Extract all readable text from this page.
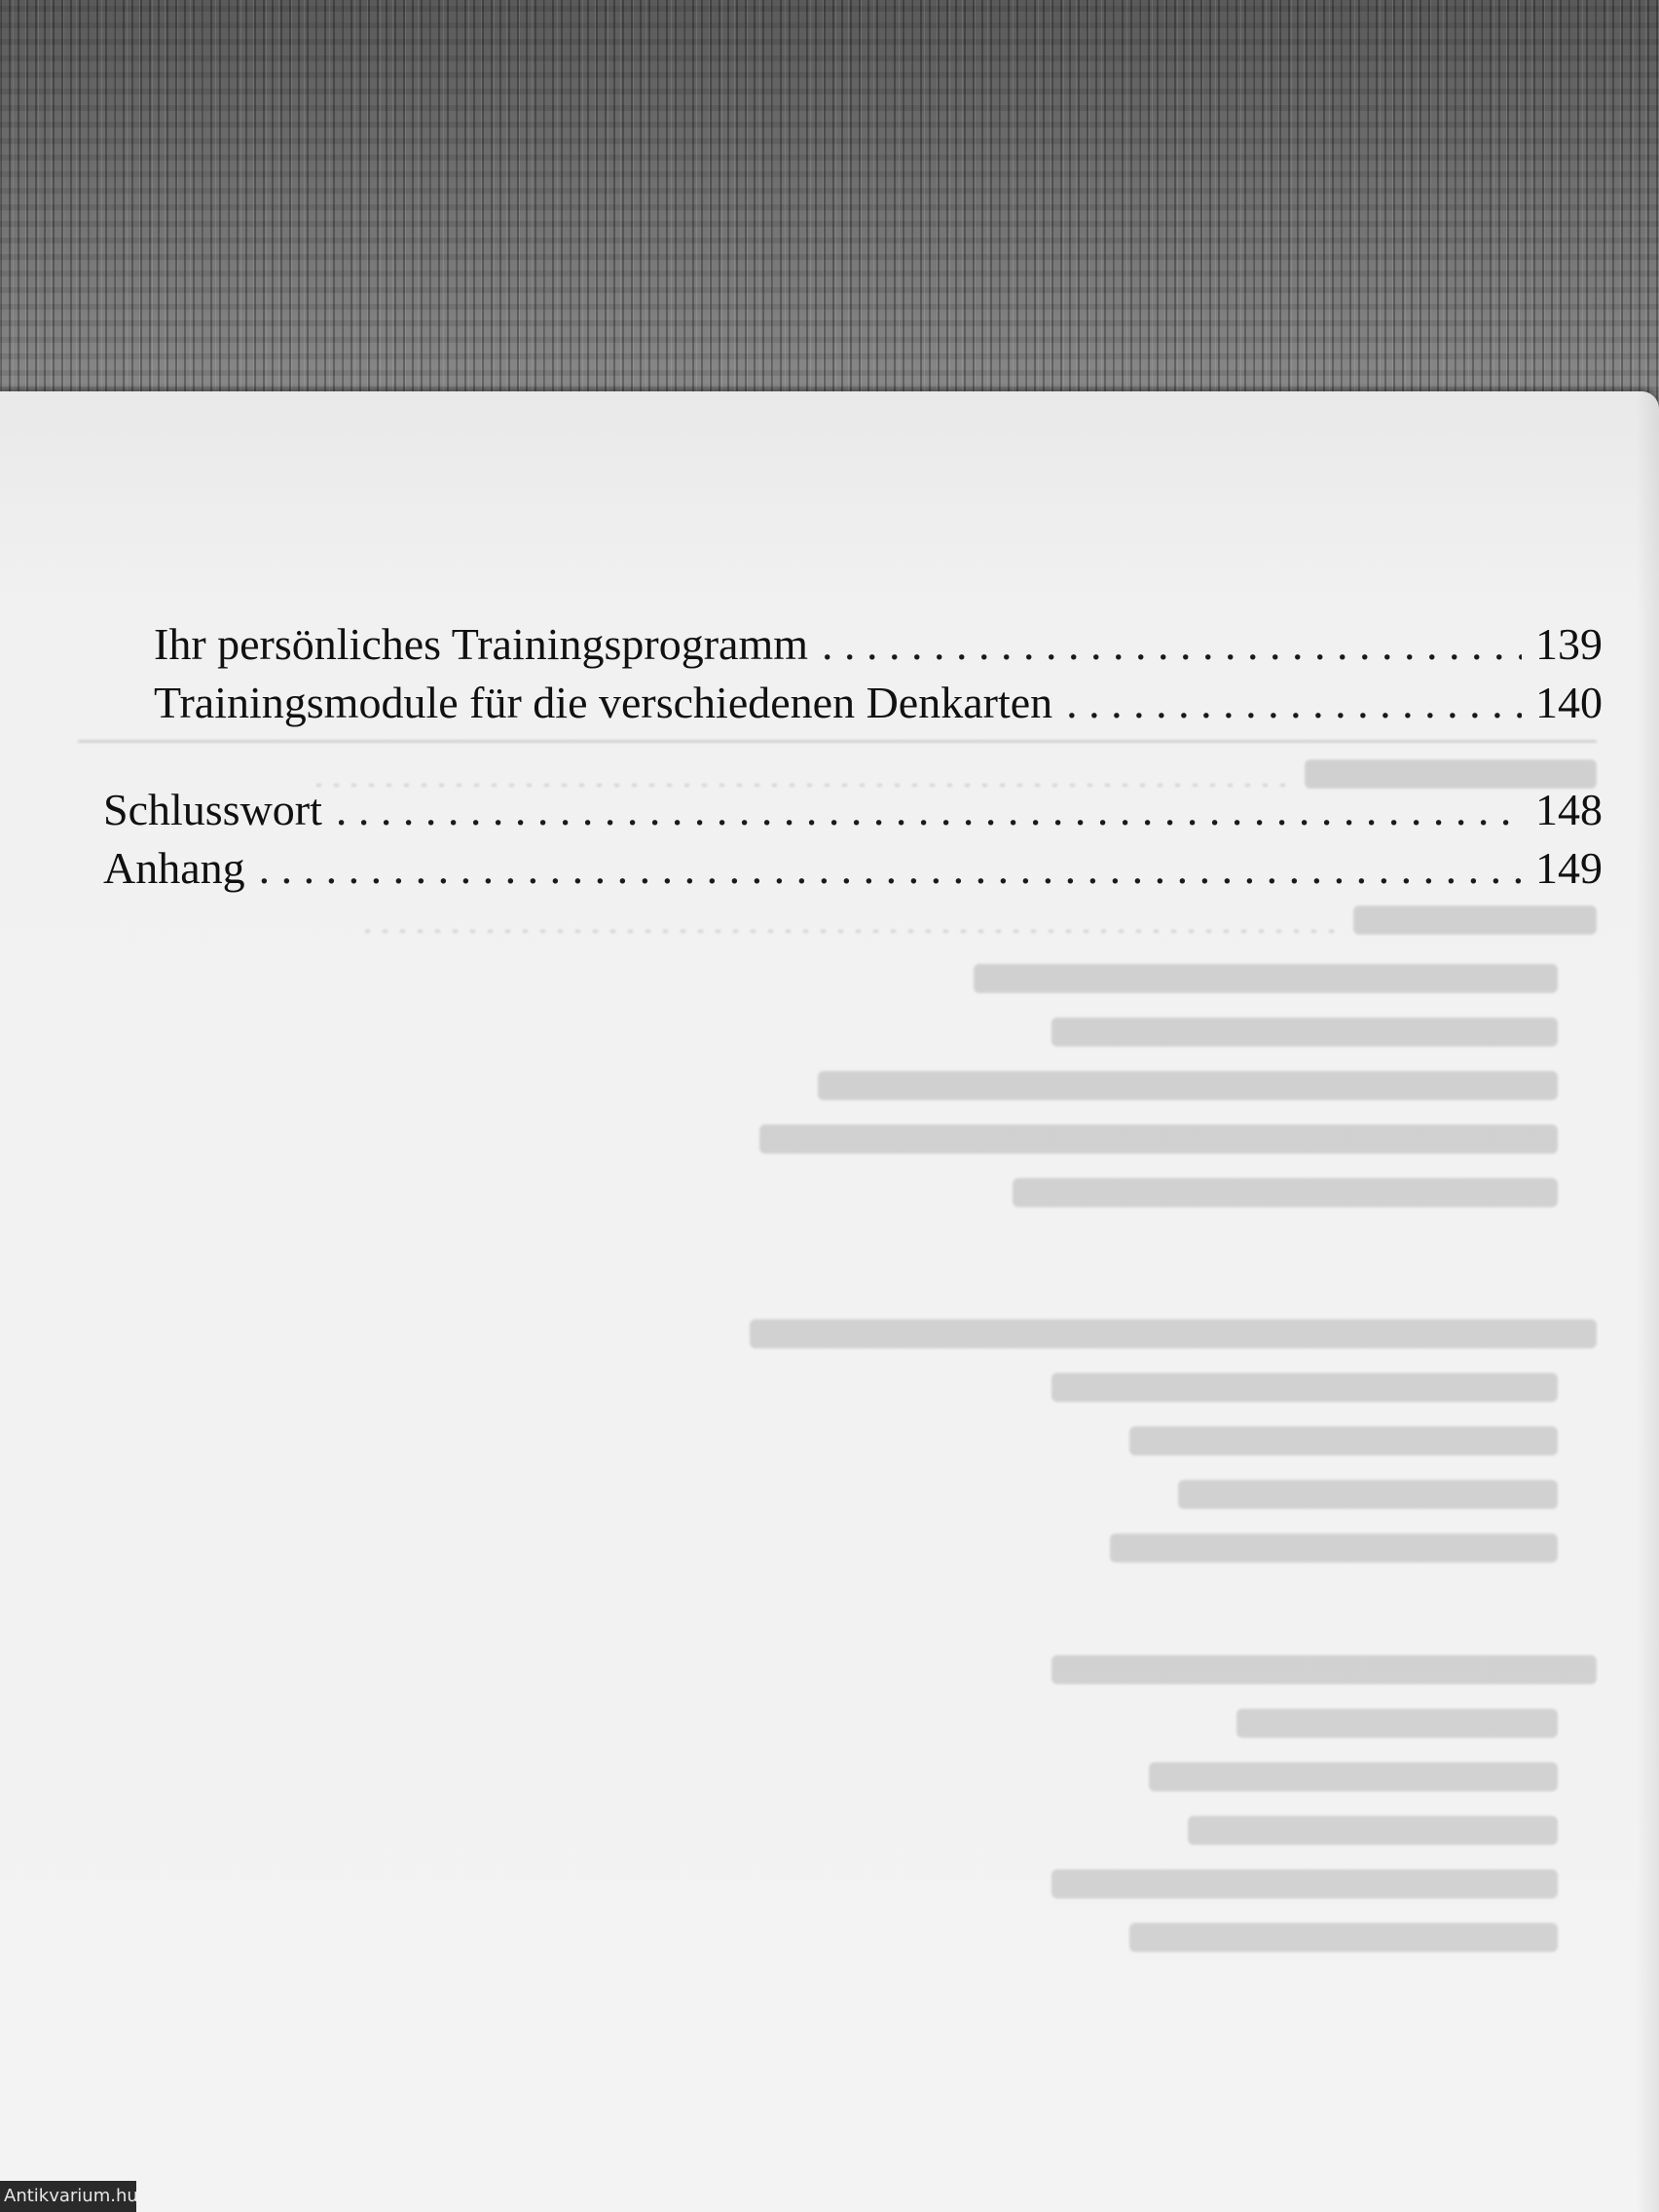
Ihr persönliches Trainingsprogramm . . .	139
Trainingsmodule für die verschiedenen Denkarten . . .	140
Schlusswort . . .	148
Anhang . . .	149
Antikvarium.hu
